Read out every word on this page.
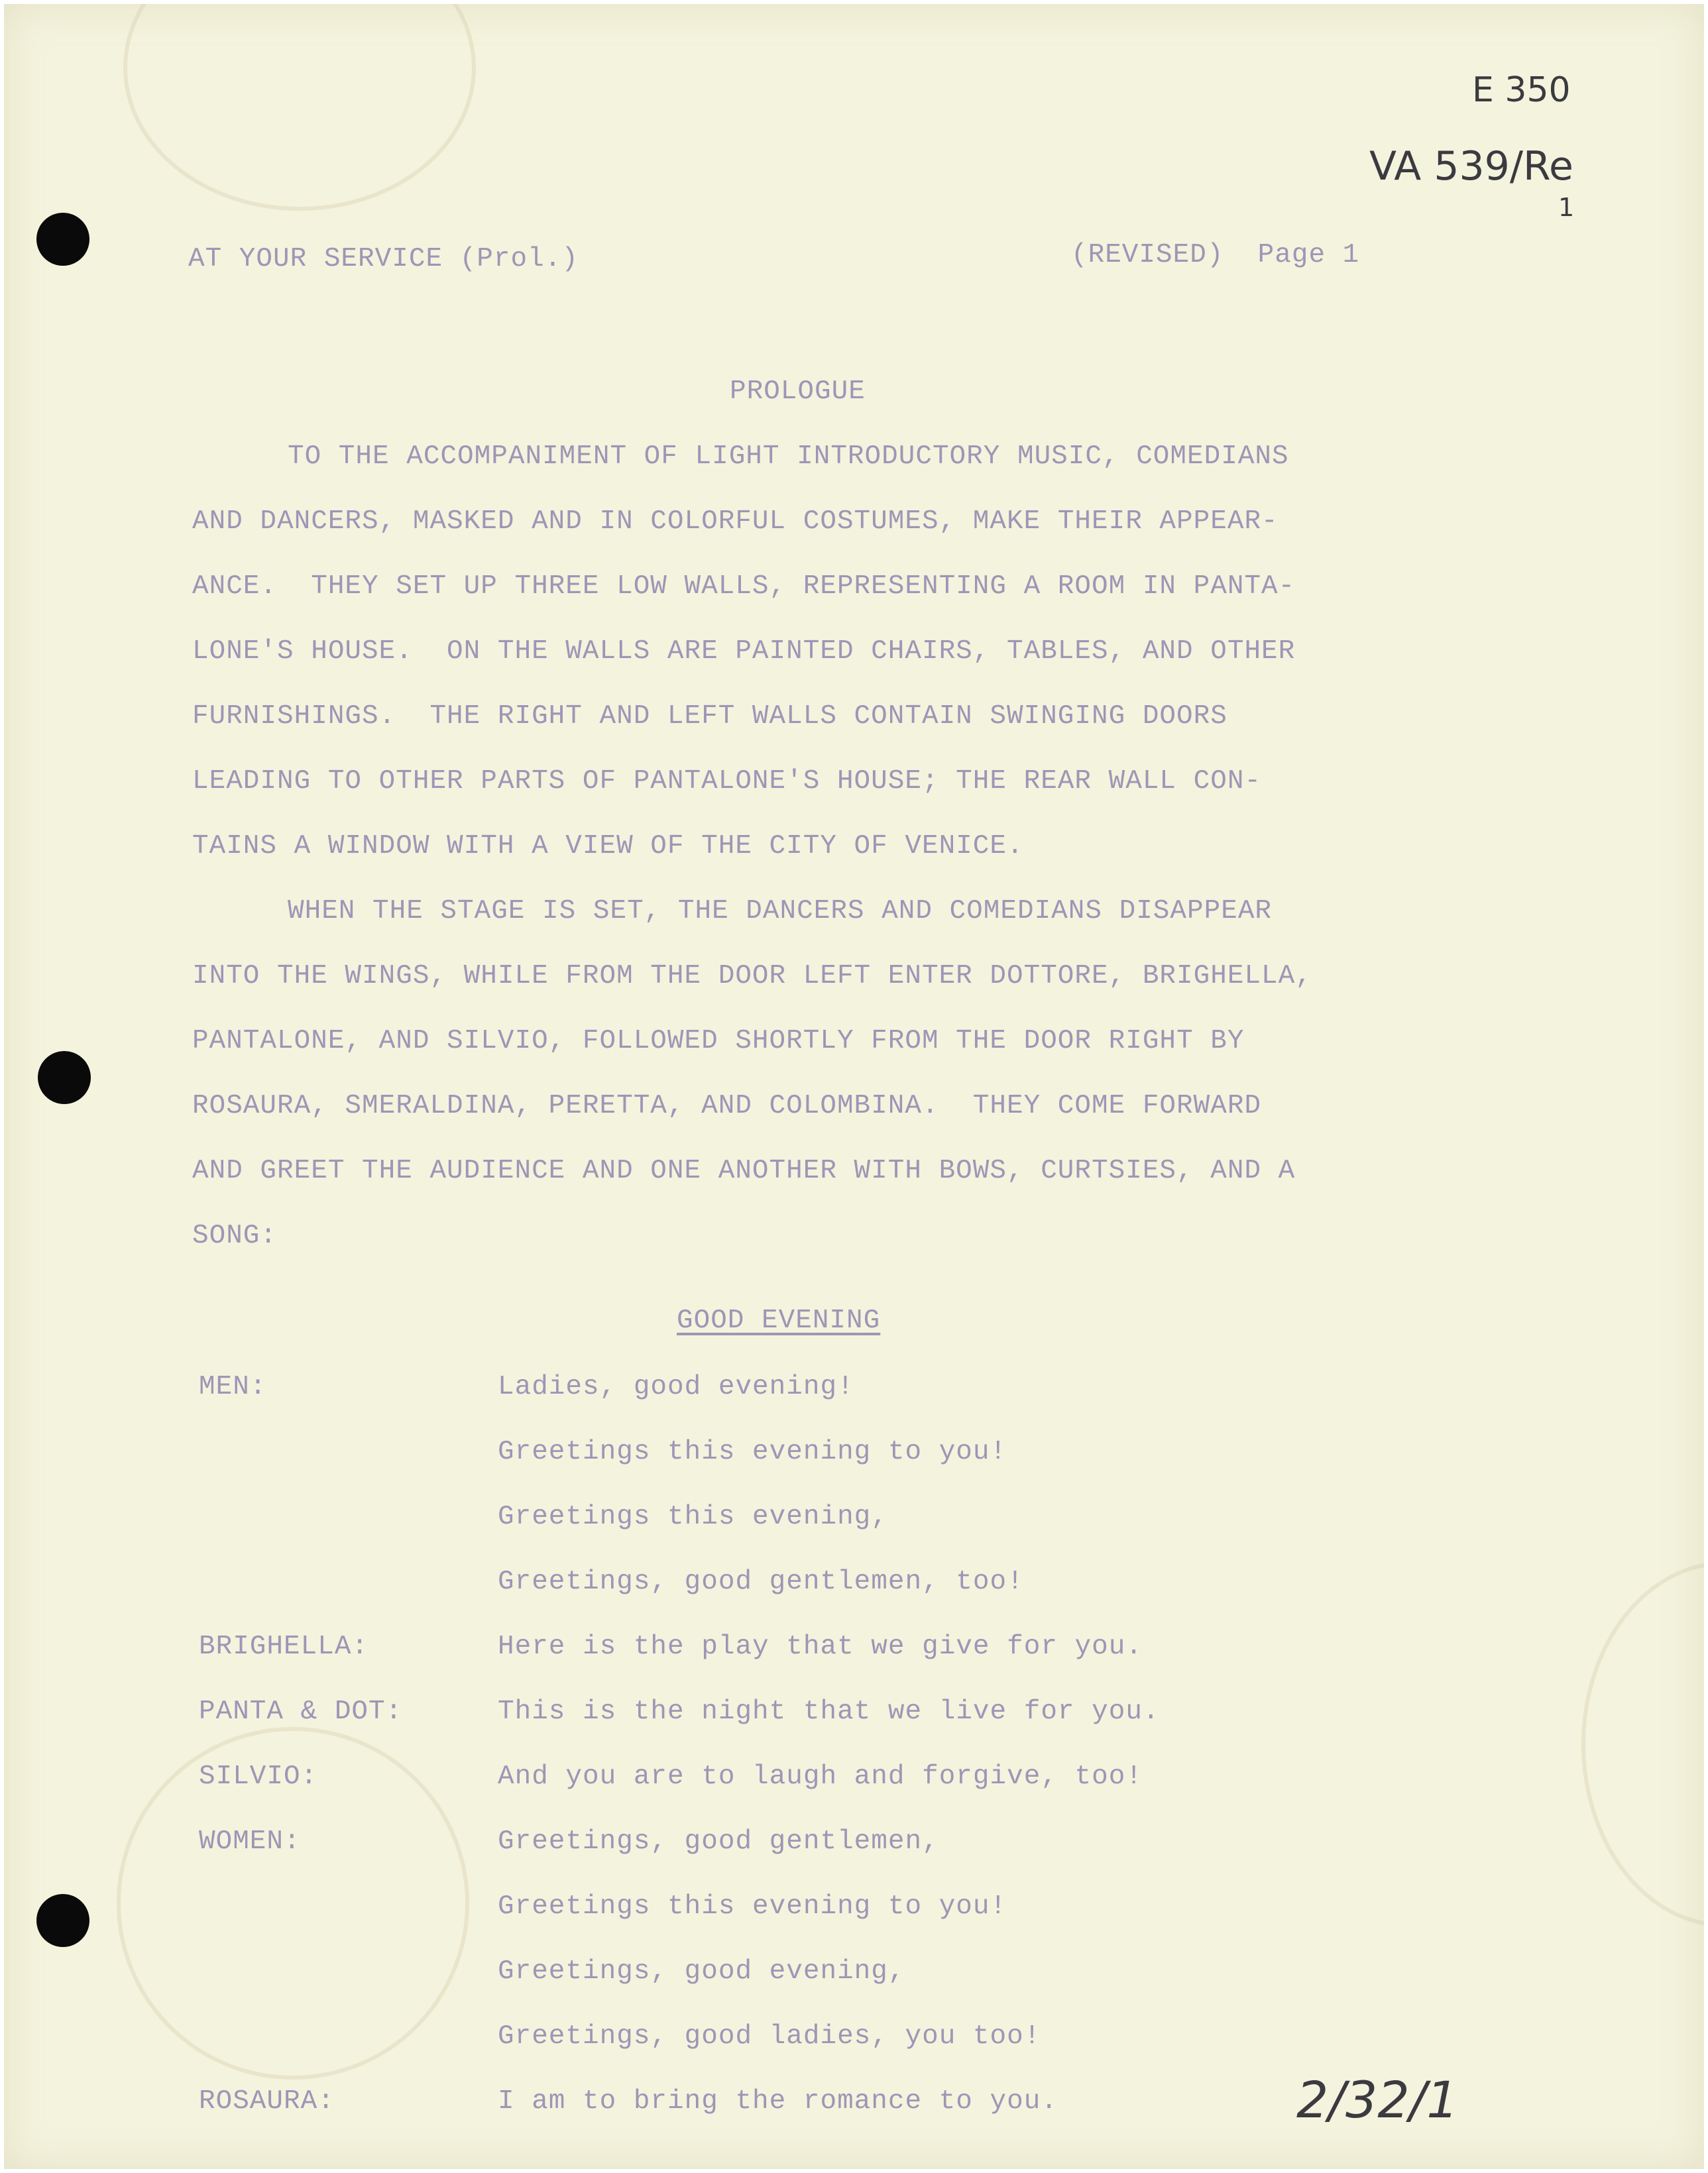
E 350
VA 539/Re
1
2/32/1
AT YOUR SERVICE (Prol.)	(REVISED)  Page 1
PROLOGUE
TO THE ACCOMPANIMENT OF LIGHT INTRODUCTORY MUSIC, COMEDIANS
AND DANCERS, MASKED AND IN COLORFUL COSTUMES, MAKE THEIR APPEAR-
ANCE.  THEY SET UP THREE LOW WALLS, REPRESENTING A ROOM IN PANTA-
LONE'S HOUSE.  ON THE WALLS ARE PAINTED CHAIRS, TABLES, AND OTHER
FURNISHINGS.  THE RIGHT AND LEFT WALLS CONTAIN SWINGING DOORS
LEADING TO OTHER PARTS OF PANTALONE'S HOUSE; THE REAR WALL CON-
TAINS A WINDOW WITH A VIEW OF THE CITY OF VENICE.
WHEN THE STAGE IS SET, THE DANCERS AND COMEDIANS DISAPPEAR
INTO THE WINGS, WHILE FROM THE DOOR LEFT ENTER DOTTORE, BRIGHELLA,
PANTALONE, AND SILVIO, FOLLOWED SHORTLY FROM THE DOOR RIGHT BY
ROSAURA, SMERALDINA, PERETTA, AND COLOMBINA.  THEY COME FORWARD
AND GREET THE AUDIENCE AND ONE ANOTHER WITH BOWS, CURTSIES, AND A
SONG:
GOOD EVENING
MEN:	Ladies, good evening!
Greetings this evening to you!
Greetings this evening,
Greetings, good gentlemen, too!
BRIGHELLA:	Here is the play that we give for you.
PANTA & DOT:	This is the night that we live for you.
SILVIO:	And you are to laugh and forgive, too!
WOMEN:	Greetings, good gentlemen,
Greetings this evening to you!
Greetings, good evening,
Greetings, good ladies, you too!
ROSAURA:	I am to bring the romance to you.
